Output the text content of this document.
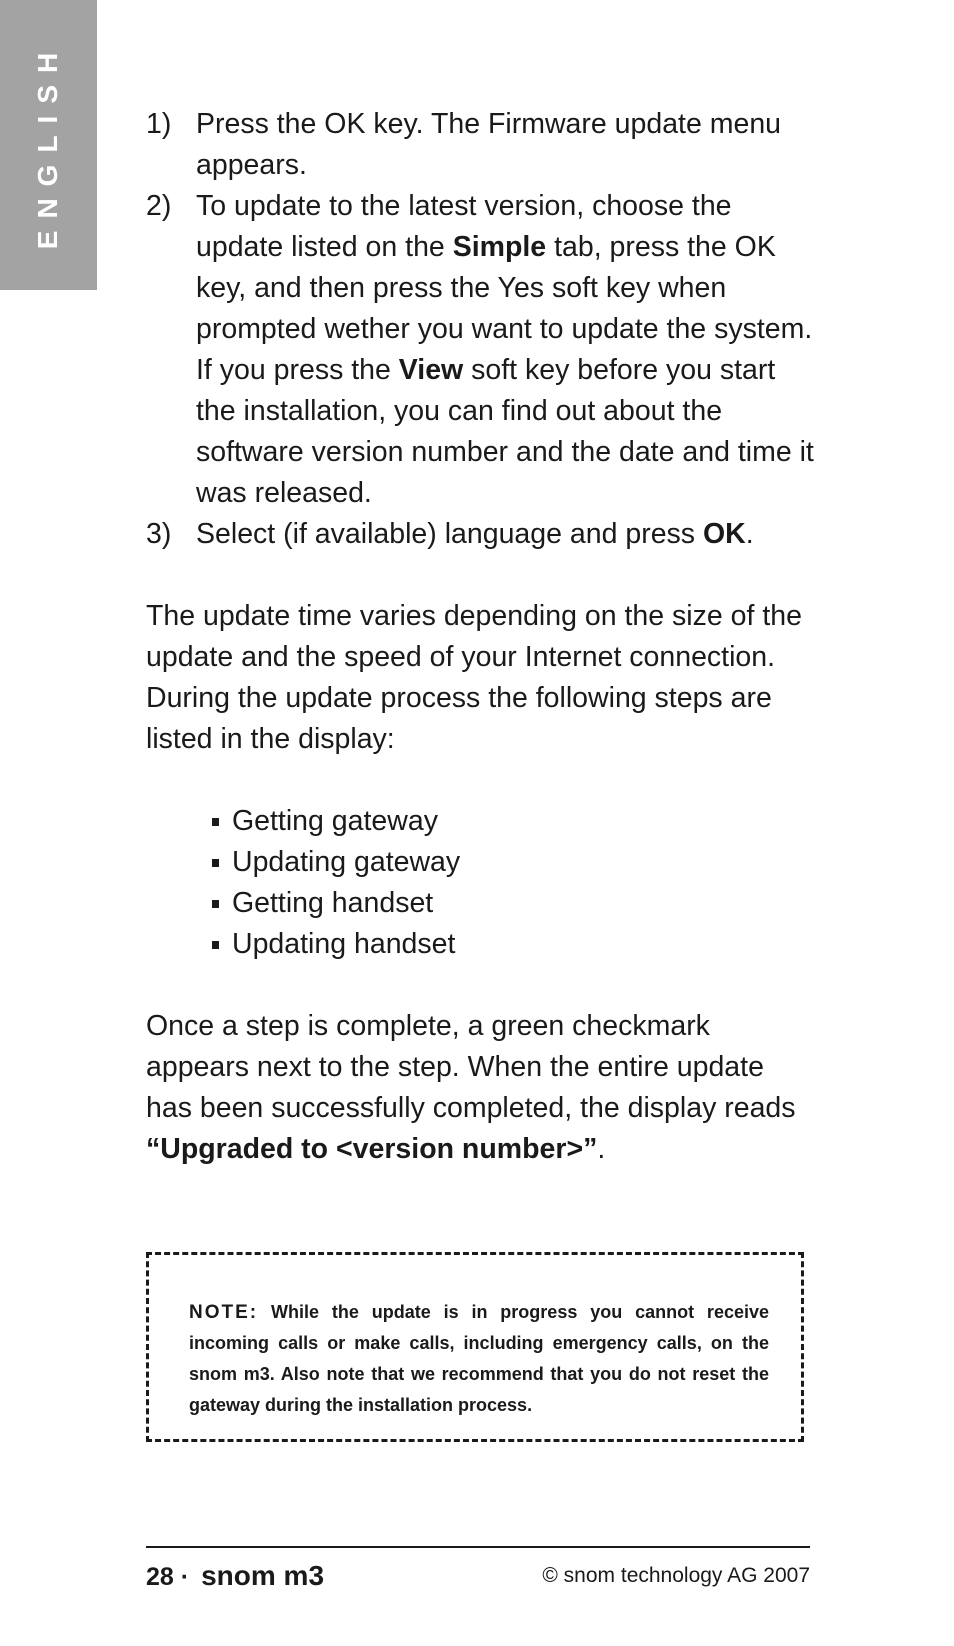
ENGLISH	1) Press the OK key. The Firmware update menu appears.
2) To update to the latest version, choose the update listed on the Simple tab, press the OK key, and then press the Yes soft key when prompted wether you want to update the system. If you press the View soft key before you start the installation, you can find out about the software version number and the date and time it was released.
3) Select (if available) language and press OK.

The update time varies depending on the size of the update and the speed of your Internet connection. During the update process the following steps are listed in the display:

Getting gateway
Updating gateway
Getting handset
Updating handset

Once a step is complete, a green checkmark appears next to the step. When the entire update has been successfully completed, the display reads “Upgraded to <version number>”.

NOTE: While the update is in progress you cannot receive incoming calls or make calls, including emergency calls, on the snom m3. Also note that we recommend that you do not reset the gateway during the installation process.
28 · snom m3	© snom technology AG 2007
